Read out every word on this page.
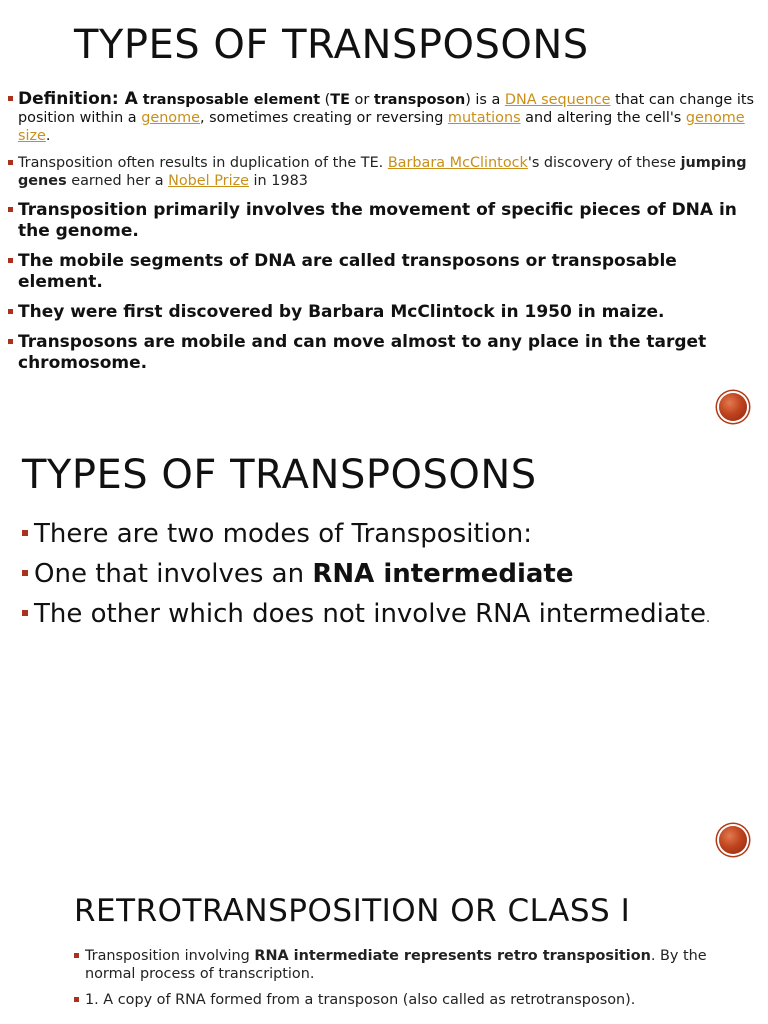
TYPES OF TRANSPOSONS
Definition: A transposable element (TE or transposon) is a DNA sequence that can change its position within a genome, sometimes creating or reversing mutations and altering the cell's genome size.
Transposition often results in duplication of the TE. Barbara McClintock's discovery of these jumping genes earned her a Nobel Prize in 1983
Transposition primarily involves the movement of specific pieces of DNA in the genome.
The mobile segments of DNA are called transposons or transposable element.
They were first discovered by Barbara McClintock in 1950 in maize.
Transposons are mobile and can move almost to any place in the target chromosome.
TYPES OF TRANSPOSONS
There are two modes of Transposition:
One that involves an RNA intermediate
The other which does not involve RNA intermediate.
RETROTRANSPOSITION OR CLASS I
Transposition involving RNA intermediate represents retro transposition. By the normal process of transcription.
1. A copy of RNA formed from a transposon (also called as retrotransposon).
